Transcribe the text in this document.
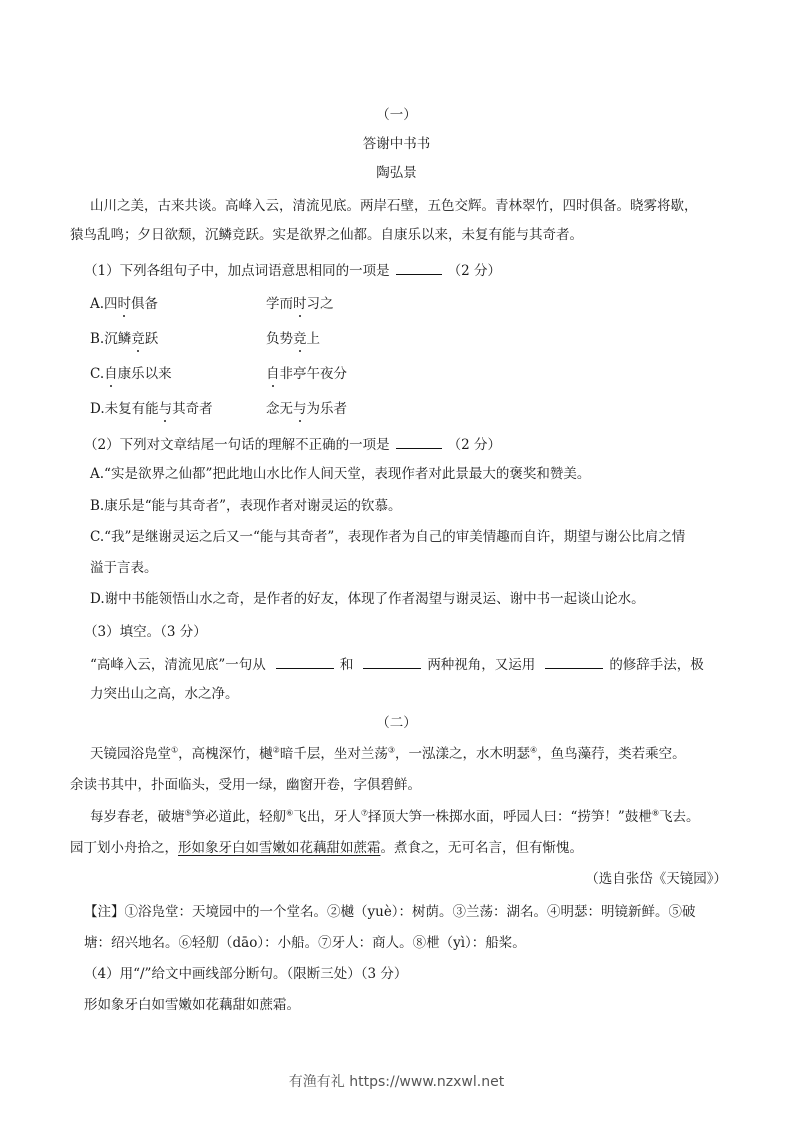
（一）
答谢中书书
陶弘景
山川之美，古来共谈。高峰入云，清流见底。两岸石壁，五色交辉。青林翠竹，四时俱备。晓雾将歇，
猿鸟乱鸣；夕日欲颓，沉鳞竞跃。实是欲界之仙都。自康乐以来，未复有能与其奇者。
（1）下列各组句子中，加点词语意思相同的一项是	（2 分）
A.四时俱备	学而时习之
B.沉鳞竞跃	负势竞上
C.自康乐以来	自非亭午夜分
D.未复有能与其奇者	念无与为乐者
（2）下列对文章结尾一句话的理解不正确的一项是	（2 分）
A.“实是欲界之仙都”把此地山水比作人间天堂，表现作者对此景最大的褒奖和赞美。
B.康乐是“能与其奇者”，表现作者对谢灵运的钦慕。
C.“我”是继谢灵运之后又一“能与其奇者”，表现作者为自己的审美情趣而自许，期望与谢公比肩之情
溢于言表。
D.谢中书能领悟山水之奇，是作者的好友，体现了作者渴望与谢灵运、谢中书一起谈山论水。
（3）填空。（3 分）
“高峰入云，清流见底”一句从	和	两种视角，又运用	的修辞手法，极
力突出山之高，水之净。
（二）
天镜园浴凫堂①，高槐深竹，樾②暗千层，坐对兰荡③，一泓漾之，水木明瑟④，鱼鸟藻荇，类若乘空。
余读书其中，扑面临头，受用一绿，幽窗开卷，字俱碧鲜。
每岁春老，破塘⑤笋必道此，轻舠⑥飞出，牙人⑦择顶大笋一株掷水面，呼园人曰：“捞笋！”鼓枻⑧飞去。
园丁划小舟拾之，形如象牙白如雪嫩如花藕甜如蔗霜。煮食之，无可名言，但有惭愧。
（选自张岱《天镜园》）
【注】①浴凫堂：天境园中的一个堂名。②樾（yuè）：树荫。③兰荡：湖名。④明瑟：明镜新鲜。⑤破
塘：绍兴地名。⑥轻舠（dāo）：小船。⑦牙人：商人。⑧枻（yì）：船桨。
（4）用“/”给文中画线部分断句。（限断三处）（3 分）
形如象牙白如雪嫩如花藕甜如蔗霜。
有渔有礼 https://www.nzxwl.net
